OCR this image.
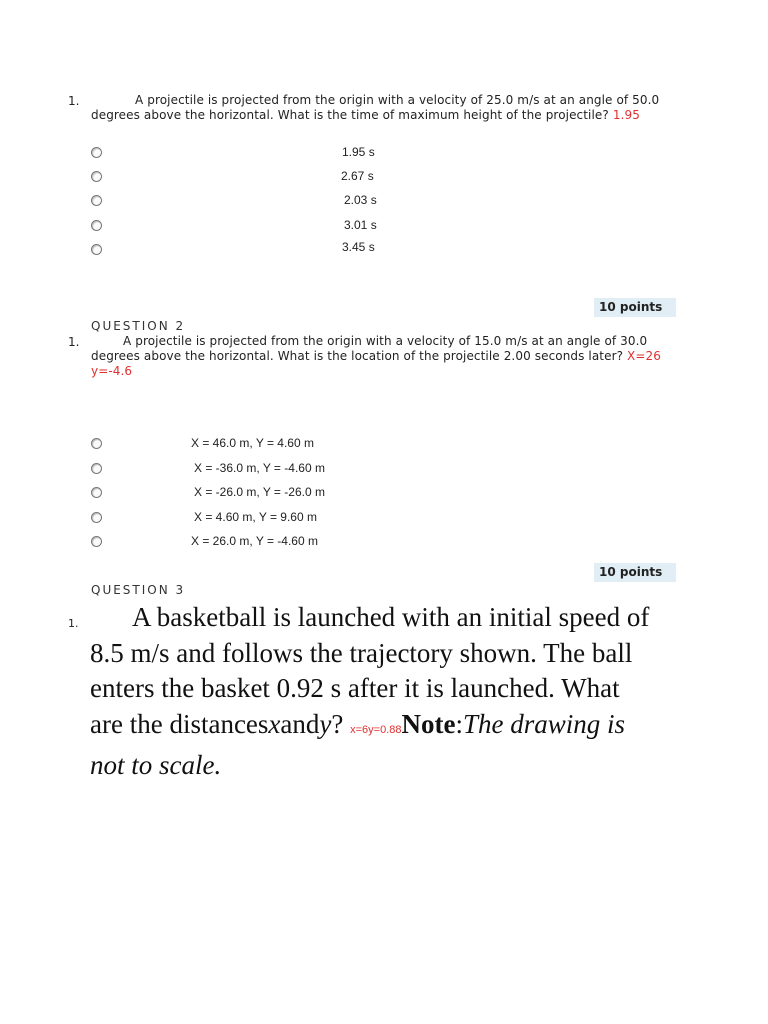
1.	A projectile is projected from the origin with a velocity of 25.0 m/s at an angle of 50.0 degrees above the horizontal. What is the time of maximum height of the projectile? 1.95
1.95 s
2.67 s
2.03 s
3.01 s
3.45 s
10 points
QUESTION 2
1.	A projectile is projected from the origin with a velocity of 15.0 m/s at an angle of 30.0 degrees above the horizontal. What is the location of the projectile 2.00 seconds later? X=26 y=-4.6
X = 46.0 m, Y = 4.60 m
X = -36.0 m, Y = -4.60 m
X = -26.0 m, Y = -26.0 m
X = 4.60 m, Y = 9.60 m
X = 26.0 m, Y = -4.60 m
10 points
QUESTION 3
1.	A basketball is launched with an initial speed of 8.5 m/s and follows the trajectory shown. The ball enters the basket 0.92 s after it is launched. What are the distancesxandy? x=6y=0.88Note:The drawing is not to scale.
